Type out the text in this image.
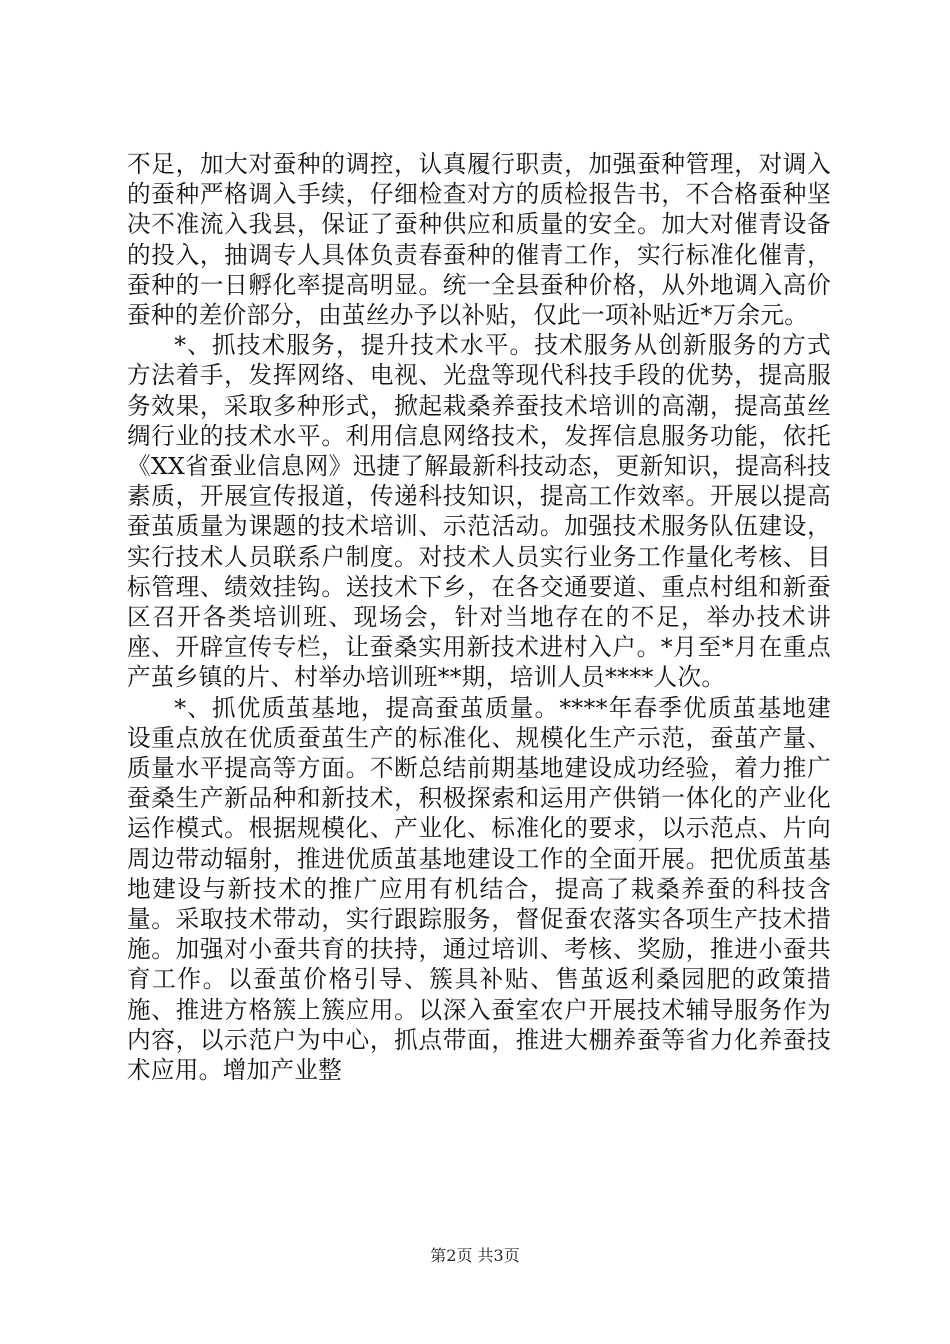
不足，加大对蚕种的调控，认真履行职责，加强蚕种管理，对调入的蚕种严格调入手续，仔细检查对方的质检报告书，不合格蚕种坚决不准流入我县，保证了蚕种供应和质量的安全。加大对催青设备的投入，抽调专人具体负责春蚕种的催青工作，实行标准化催青，蚕种的一日孵化率提高明显。统一全县蚕种价格，从外地调入高价蚕种的差价部分，由茧丝办予以补贴，仅此一项补贴近*万余元。

*、抓技术服务，提升技术水平。技术服务从创新服务的方式方法着手，发挥网络、电视、光盘等现代科技手段的优势，提高服务效果，采取多种形式，掀起栽桑养蚕技术培训的高潮，提高茧丝绸行业的技术水平。利用信息网络技术，发挥信息服务功能，依托《XX省蚕业信息网》迅捷了解最新科技动态，更新知识，提高科技素质，开展宣传报道，传递科技知识，提高工作效率。开展以提高蚕茧质量为课题的技术培训、示范活动。加强技术服务队伍建设，实行技术人员联系户制度。对技术人员实行业务工作量化考核、目标管理、绩效挂钩。送技术下乡，在各交通要道、重点村组和新蚕区召开各类培训班、现场会，针对当地存在的不足，举办技术讲座、开辟宣传专栏，让蚕桑实用新技术进村入户。*月至*月在重点产茧乡镇的片、村举办培训班**期，培训人员****人次。

*、抓优质茧基地，提高蚕茧质量。****年春季优质茧基地建设重点放在优质蚕茧生产的标准化、规模化生产示范，蚕茧产量、质量水平提高等方面。不断总结前期基地建设成功经验，着力推广蚕桑生产新品种和新技术，积极探索和运用产供销一体化的产业化运作模式。根据规模化、产业化、标准化的要求，以示范点、片向周边带动辐射，推进优质茧基地建设工作的全面开展。把优质茧基地建设与新技术的推广应用有机结合，提高了栽桑养蚕的科技含量。采取技术带动，实行跟踪服务，督促蚕农落实各项生产技术措施。加强对小蚕共育的扶持，通过培训、考核、奖励，推进小蚕共育工作。以蚕茧价格引导、簇具补贴、售茧返利桑园肥的政策措施、推进方格簇上簇应用。以深入蚕室农户开展技术辅导服务作为内容，以示范户为中心，抓点带面，推进大棚养蚕等省力化养蚕技术应用。增加产业整

第2页 共3页
